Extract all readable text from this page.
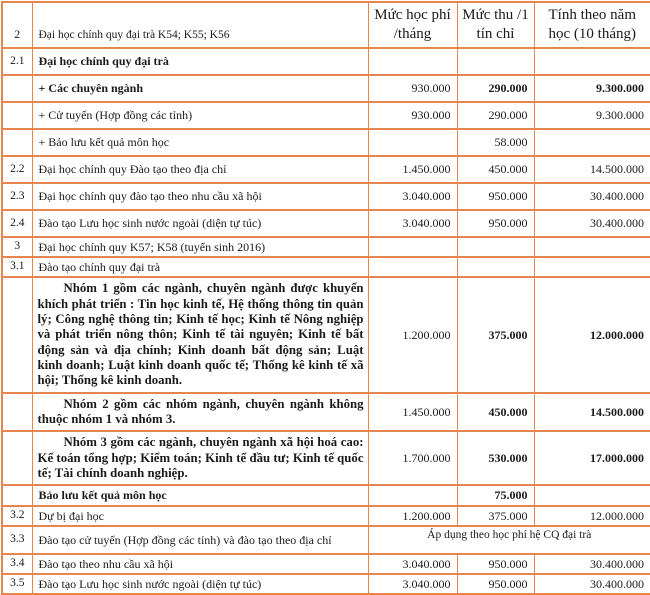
2	Đại học chính quy đại trà K54; K55; K56	Mức học phí /tháng	Mức thu /1 tín chỉ	Tính theo năm học (10 tháng)
2.1	Đại học chính quy đại trà			
	+ Các chuyên ngành	930.000	290.000	9.300.000
	+ Cử tuyển (Hợp đồng các tỉnh)	930.000	290.000	9.300.000
	+ Bảo lưu kết quả môn học		58.000	
2.2	Đại học chính quy Đào tạo theo địa chỉ	1.450.000	450.000	14.500.000
2.3	Đại học chính quy đào tạo theo nhu cầu xã hội	3.040.000	950.000	30.400.000
2.4	Đào tạo Lưu học sinh nước ngoài (diện tự túc)	3.040.000	950.000	30.400.000
3	Đại học chính quy K57; K58 (tuyển sinh 2016)			
3.1	Đào tạo chính quy đại trà			
	Nhóm 1 gồm các ngành, chuyên ngành được khuyến khích phát triển : Tin học kinh tế, Hệ thống thông tin quản lý; Công nghệ thông tin; Kinh tế học; Kinh tế Nông nghiệp và phát triển nông thôn; Kinh tế tài nguyên; Kinh tế bất động sản và địa chính; Kinh doanh bất động sản; Luật kinh doanh; Luật kinh doanh quốc tế; Thống kê kinh tế xã hội; Thống kê kinh doanh.	1.200.000	375.000	12.000.000
	Nhóm 2 gồm các nhóm ngành, chuyên ngành không thuộc nhóm 1 và nhóm 3.	1.450.000	450.000	14.500.000
	Nhóm 3 gồm các ngành, chuyên ngành xã hội hoá cao: Kế toán tổng hợp; Kiểm toán; Kinh tế đầu tư; Kinh tế quốc tế; Tài chính doanh nghiệp.	1.700.000	530.000	17.000.000
	Bảo lưu kết quả môn học		75.000	
3.2	Dự bị đại học	1.200.000	375.000	12.000.000
3.3	Đào tạo cử tuyển (Hợp đồng các tỉnh) và đào tạo theo địa chỉ	Áp dụng theo học phí hệ CQ đại trà		
3.4	Đào tạo theo nhu cầu xã hội	3.040.000	950.000	30.400.000
3.5	Đào tạo Lưu học sinh nước ngoài (diện tự túc)	3.040.000	950.000	30.400.000
